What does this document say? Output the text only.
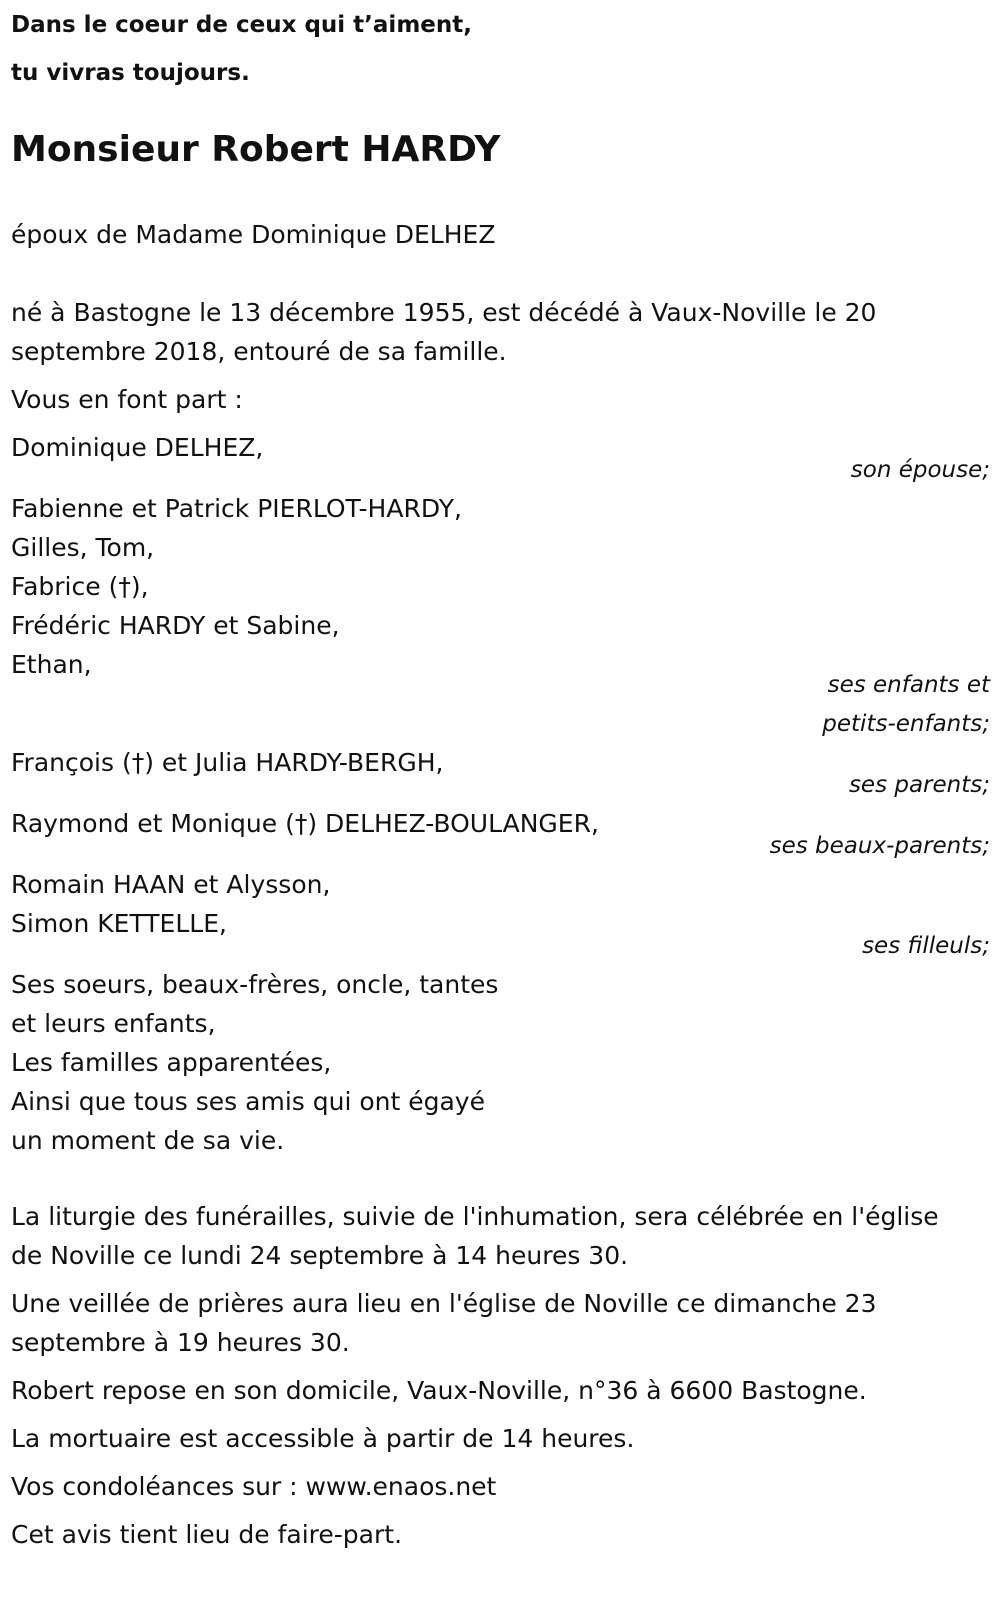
Dans le coeur de ceux qui t’aiment,

tu vivras toujours.

Monsieur Robert HARDY

époux de Madame Dominique DELHEZ

né à Bastogne le 13 décembre 1955, est décédé à Vaux-Noville le 20

septembre 2018, entouré de sa famille.

Vous en font part :

Dominique DELHEZ,

son épouse;

Fabienne et Patrick PIERLOT-HARDY,

Gilles, Tom,

Fabrice (†),

Frédéric HARDY et Sabine,

Ethan,

ses enfants et

petits-enfants;

François (†) et Julia HARDY-BERGH,

ses parents;

Raymond et Monique (†) DELHEZ-BOULANGER,

ses beaux-parents;

Romain HAAN et Alysson,

Simon KETTELLE,

ses filleuls;

Ses soeurs, beaux-frères, oncle, tantes

et leurs enfants,

Les familles apparentées,

Ainsi que tous ses amis qui ont égayé

un moment de sa vie.

La liturgie des funérailles, suivie de l'inhumation, sera célébrée en l'église

de Noville ce lundi 24 septembre à 14 heures 30.

Une veillée de prières aura lieu en l'église de Noville ce dimanche 23

septembre à 19 heures 30.

Robert repose en son domicile, Vaux-Noville, n°36 à 6600 Bastogne.

La mortuaire est accessible à partir de 14 heures.

Vos condoléances sur : www.enaos.net

Cet avis tient lieu de faire-part.
